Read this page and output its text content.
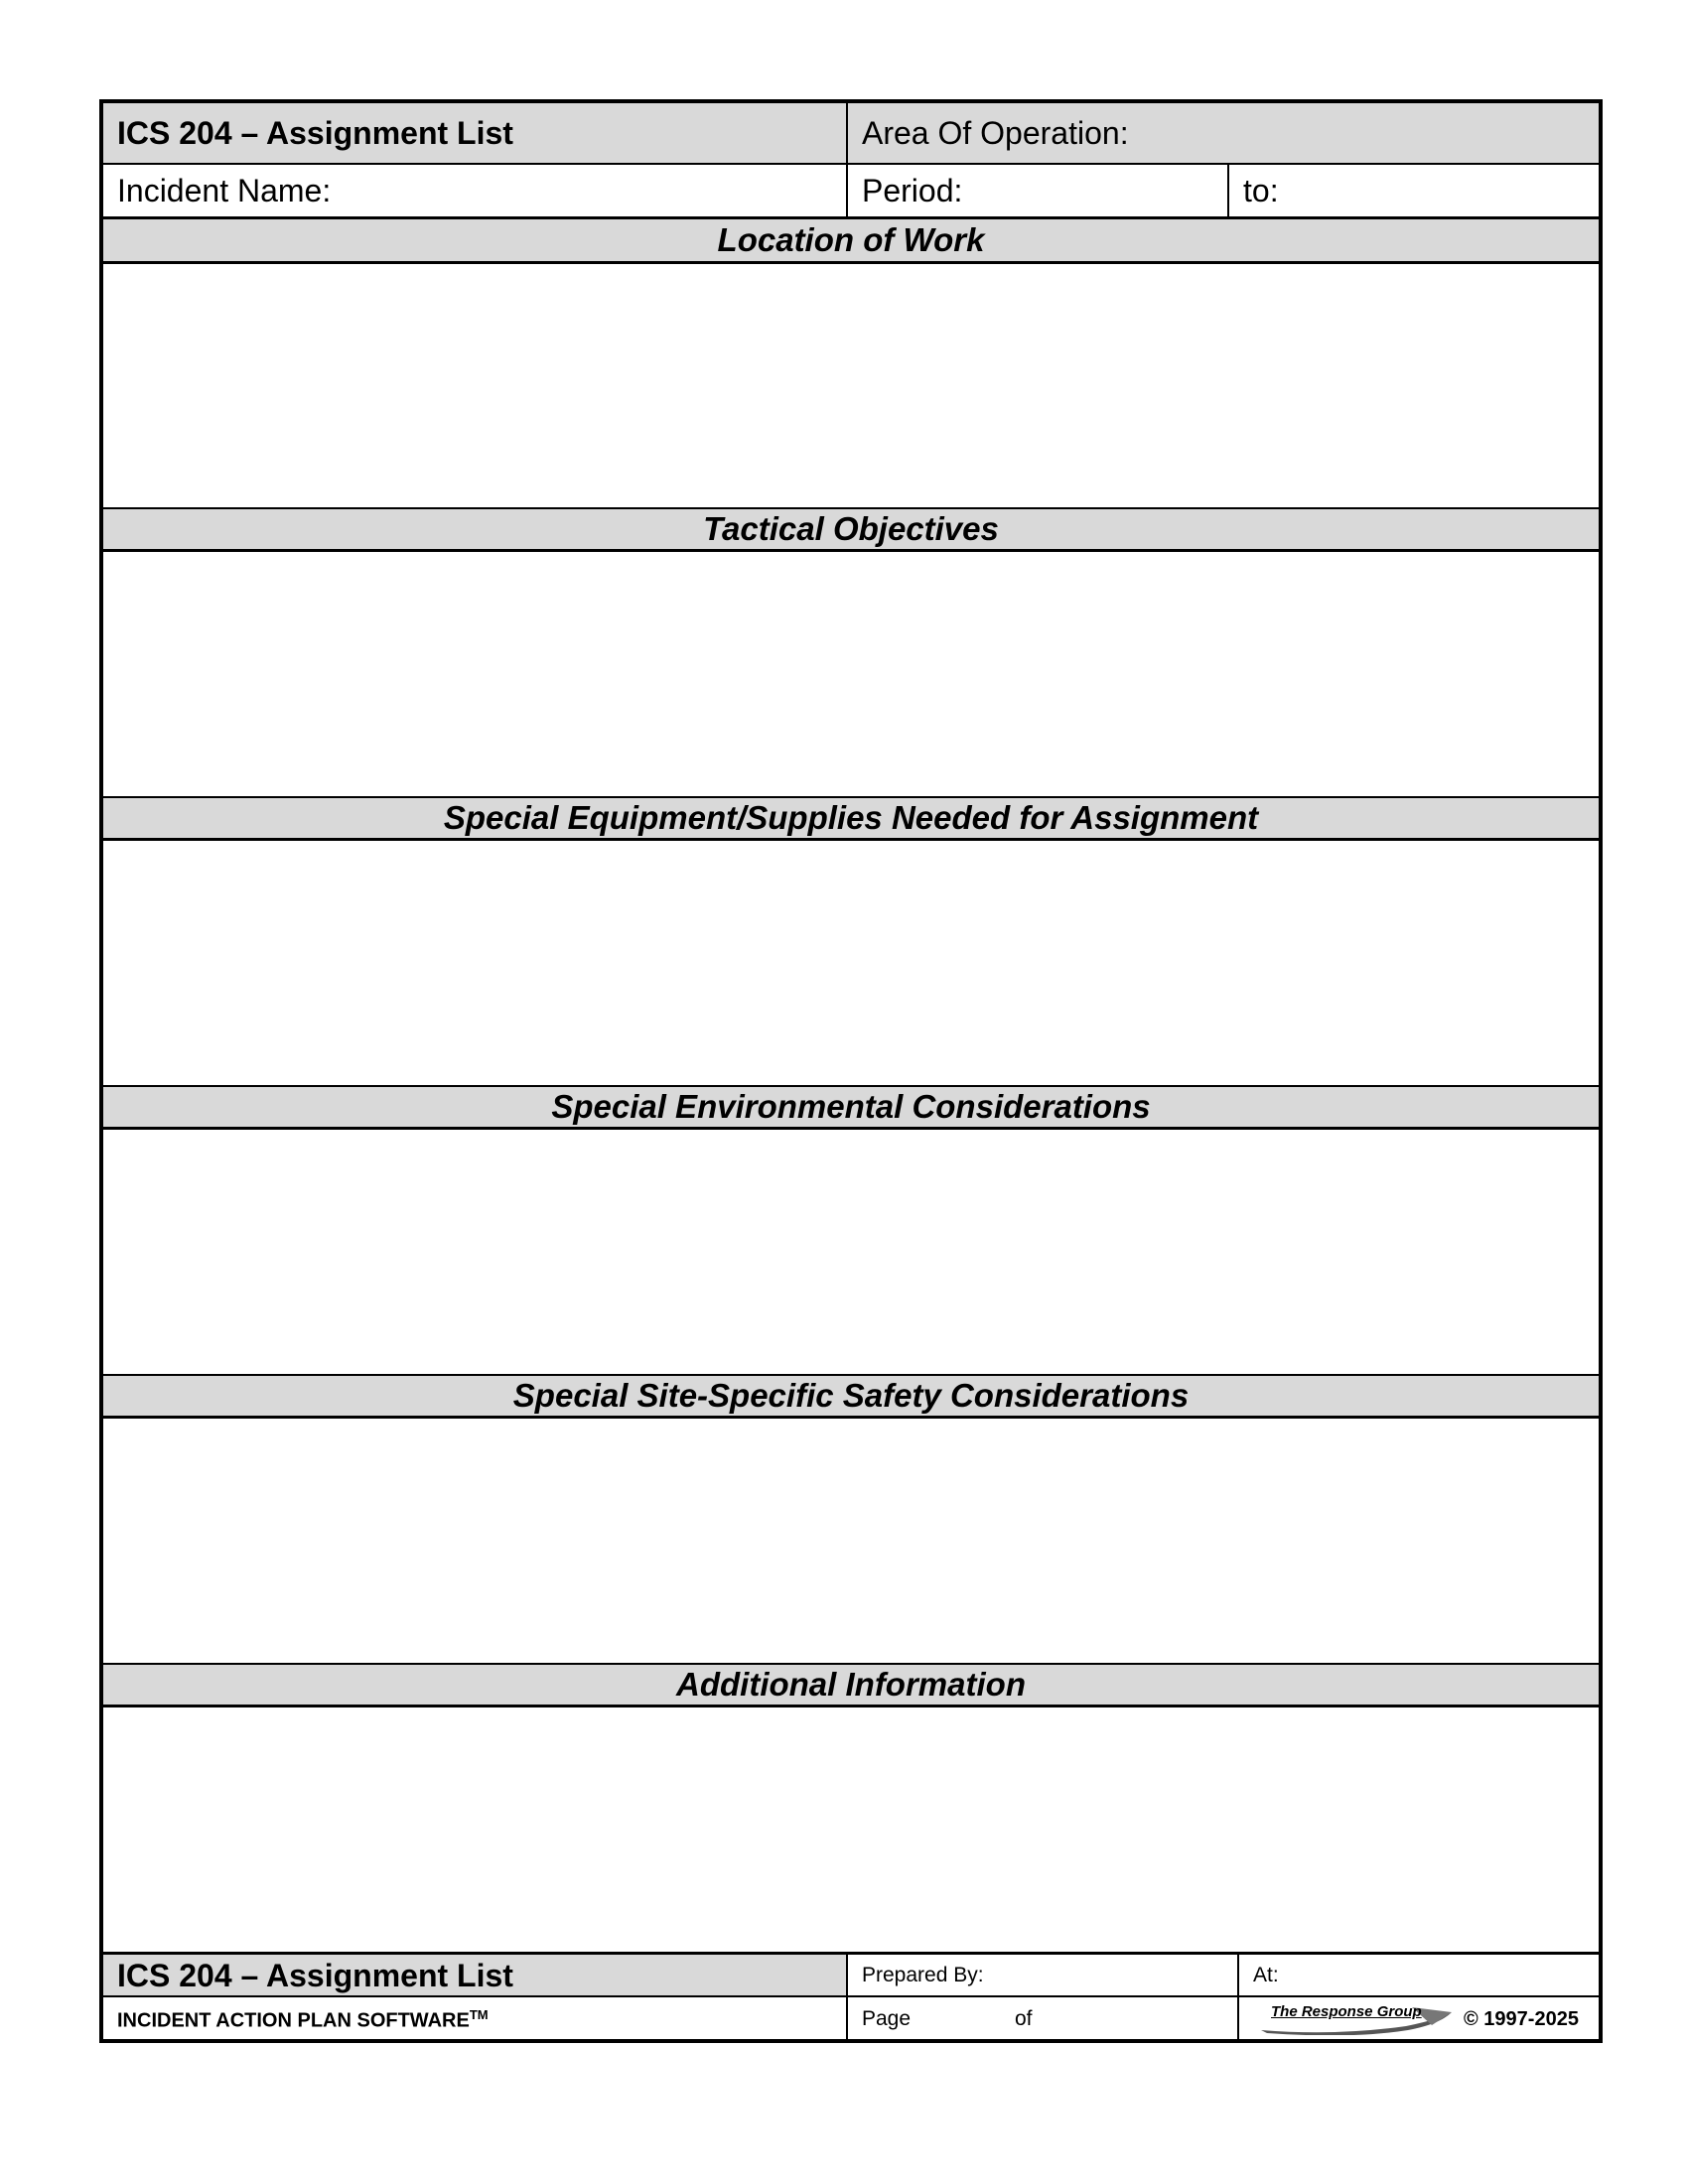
ICS 204 – Assignment List	Area Of Operation:
Incident Name:	Period:	to:
Location of Work
Tactical Objectives
Special Equipment/Supplies Needed for Assignment
Special Environmental Considerations
Special Site-Specific Safety Considerations
Additional Information
ICS 204 – Assignment List	Prepared By:	At:
INCIDENT ACTION PLAN SOFTWARE™	Page	of	The Response Group © 1997-2025
